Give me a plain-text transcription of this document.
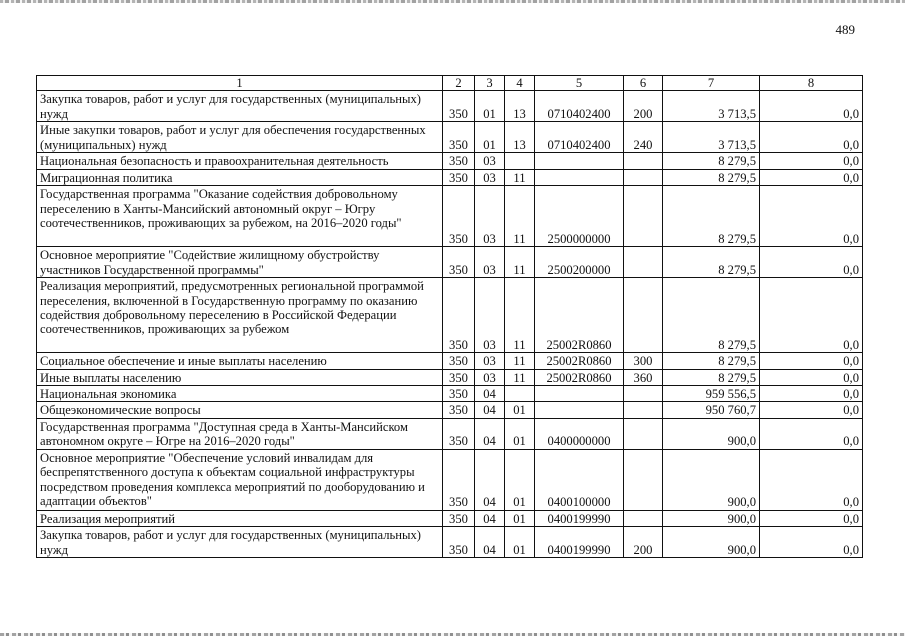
489
1	2	3	4	5	6	7	8
Закупка товаров, работ и услуг для государственных (муниципальных) нужд	350	01	13	0710402400	200	3 713,5	0,0
Иные закупки товаров, работ и услуг для обеспечения государственных (муниципальных) нужд	350	01	13	0710402400	240	3 713,5	0,0
Национальная безопасность и правоохранительная деятельность	350	03				8 279,5	0,0
Миграционная политика	350	03	11			8 279,5	0,0
Государственная программа "Оказание содействия добровольному переселению в Ханты-Мансийский автономный округ – Югру соотечественников, проживающих за рубежом, на 2016–2020 годы"	350	03	11	2500000000		8 279,5	0,0
Основное мероприятие "Содействие жилищному обустройству участников Государственной программы"	350	03	11	2500200000		8 279,5	0,0
Реализация мероприятий, предусмотренных региональной программой переселения, включенной в Государственную программу по оказанию содействия добровольному переселению в Российской Федерации соотечественников, проживающих за рубежом	350	03	11	25002R0860		8 279,5	0,0
Социальное обеспечение и иные выплаты населению	350	03	11	25002R0860	300	8 279,5	0,0
Иные выплаты населению	350	03	11	25002R0860	360	8 279,5	0,0
Национальная экономика	350	04				959 556,5	0,0
Общеэкономические вопросы	350	04	01			950 760,7	0,0
Государственная программа "Доступная среда в Ханты-Мансийском автономном округе – Югре на 2016–2020 годы"	350	04	01	0400000000		900,0	0,0
Основное мероприятие "Обеспечение условий инвалидам для беспрепятственного доступа к объектам социальной инфраструктуры посредством проведения комплекса мероприятий по дооборудованию и адаптации объектов"	350	04	01	0400100000		900,0	0,0
Реализация мероприятий	350	04	01	0400199990		900,0	0,0
Закупка товаров, работ и услуг для государственных (муниципальных) нужд	350	04	01	0400199990	200	900,0	0,0
